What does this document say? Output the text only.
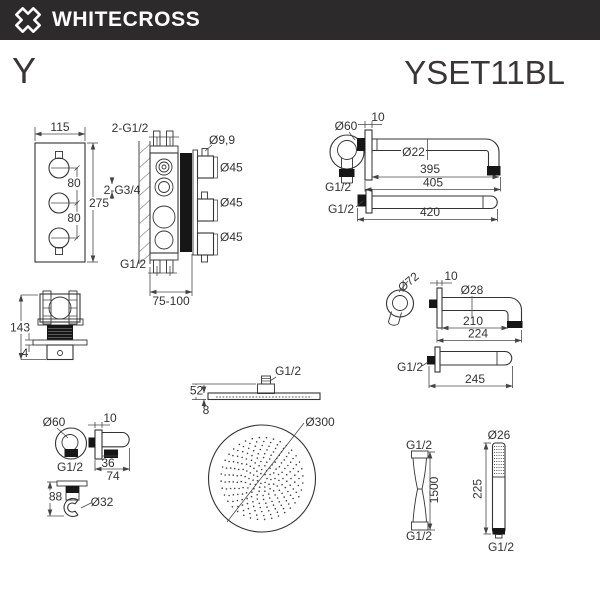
WHITECROSS
Y	YSET11BL
115
80
80
275
2-G1/2
2-G3/4
Ø9,9
Ø45
Ø45
Ø45
G1/2
75-100
Ø60
G1/2
10
Ø22
395
405
G1/2	420
143
4
Ø72 10
Ø28
210
224
G1/2
245
Ø60
G1/2
10
36
74
88 Ø32
G1/2
52
8
Ø300
G1/2
1500
G1/2
Ø26
225
G1/2
